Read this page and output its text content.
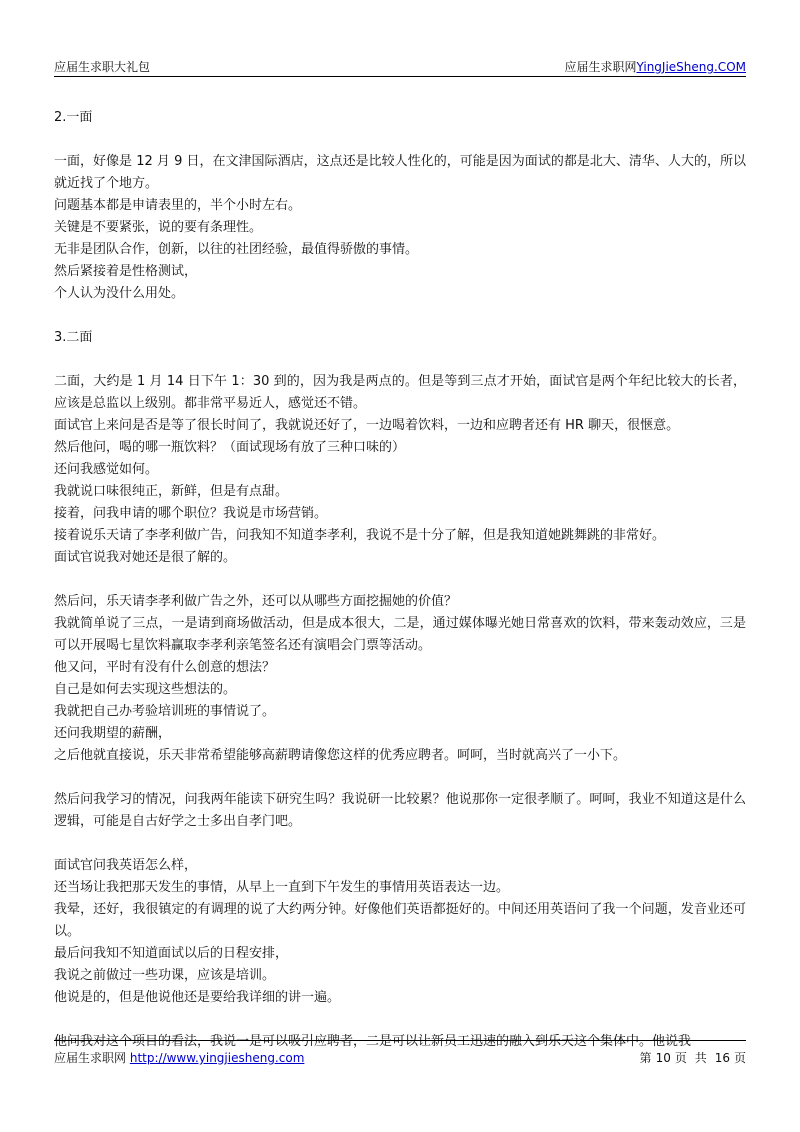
应届生求职大礼包	应届生求职网YingJieSheng.COM

2.一面

一面，好像是 12 月 9 日，在文津国际酒店，这点还是比较人性化的，可能是因为面试的都是北大、清华、人大的，所以就近找了个地方。

问题基本都是申请表里的，半个小时左右。

关键是不要紧张，说的要有条理性。

无非是团队合作，创新，以往的社团经验，最值得骄傲的事情。

然后紧接着是性格测试，

个人认为没什么用处。

3.二面

二面，大约是 1 月 14 日下午 1：30 到的，因为我是两点的。但是等到三点才开始，面试官是两个年纪比较大的长者，应该是总监以上级别。都非常平易近人，感觉还不错。

面试官上来问是否是等了很长时间了，我就说还好了，一边喝着饮料，一边和应聘者还有 HR 聊天，很惬意。

然后他问，喝的哪一瓶饮料？（面试现场有放了三种口味的）

还问我感觉如何。

我就说口味很纯正，新鲜，但是有点甜。

接着，问我申请的哪个职位？我说是市场营销。

接着说乐天请了李孝利做广告，问我知不知道李孝利，我说不是十分了解，但是我知道她跳舞跳的非常好。

面试官说我对她还是很了解的。

然后问，乐天请李孝利做广告之外，还可以从哪些方面挖掘她的价值？

我就简单说了三点，一是请到商场做活动，但是成本很大，二是，通过媒体曝光她日常喜欢的饮料，带来轰动效应，三是可以开展喝七星饮料赢取李孝利亲笔签名还有演唱会门票等活动。

他又问，平时有没有什么创意的想法？

自己是如何去实现这些想法的。

我就把自己办考验培训班的事情说了。

还问我期望的薪酬，

之后他就直接说，乐天非常希望能够高薪聘请像您这样的优秀应聘者。呵呵，当时就高兴了一小下。

然后问我学习的情况，问我两年能读下研究生吗？我说研一比较累？他说那你一定很孝顺了。呵呵，我业不知道这是什么逻辑，可能是自古好学之士多出自孝门吧。

面试官问我英语怎么样，

还当场让我把那天发生的事情，从早上一直到下午发生的事情用英语表达一边。

我晕，还好，我很镇定的有调理的说了大约两分钟。好像他们英语都挺好的。中间还用英语问了我一个问题，发音业还可以。

最后问我知不知道面试以后的日程安排，

我说之前做过一些功课，应该是培训。

他说是的，但是他说他还是要给我详细的讲一遍。

他问我对这个项目的看法，我说一是可以吸引应聘者，二是可以让新员工迅速的融入到乐天这个集体中。他说我

应届生求职网 http://www.yingjiesheng.com	第 10 页 共 16 页
